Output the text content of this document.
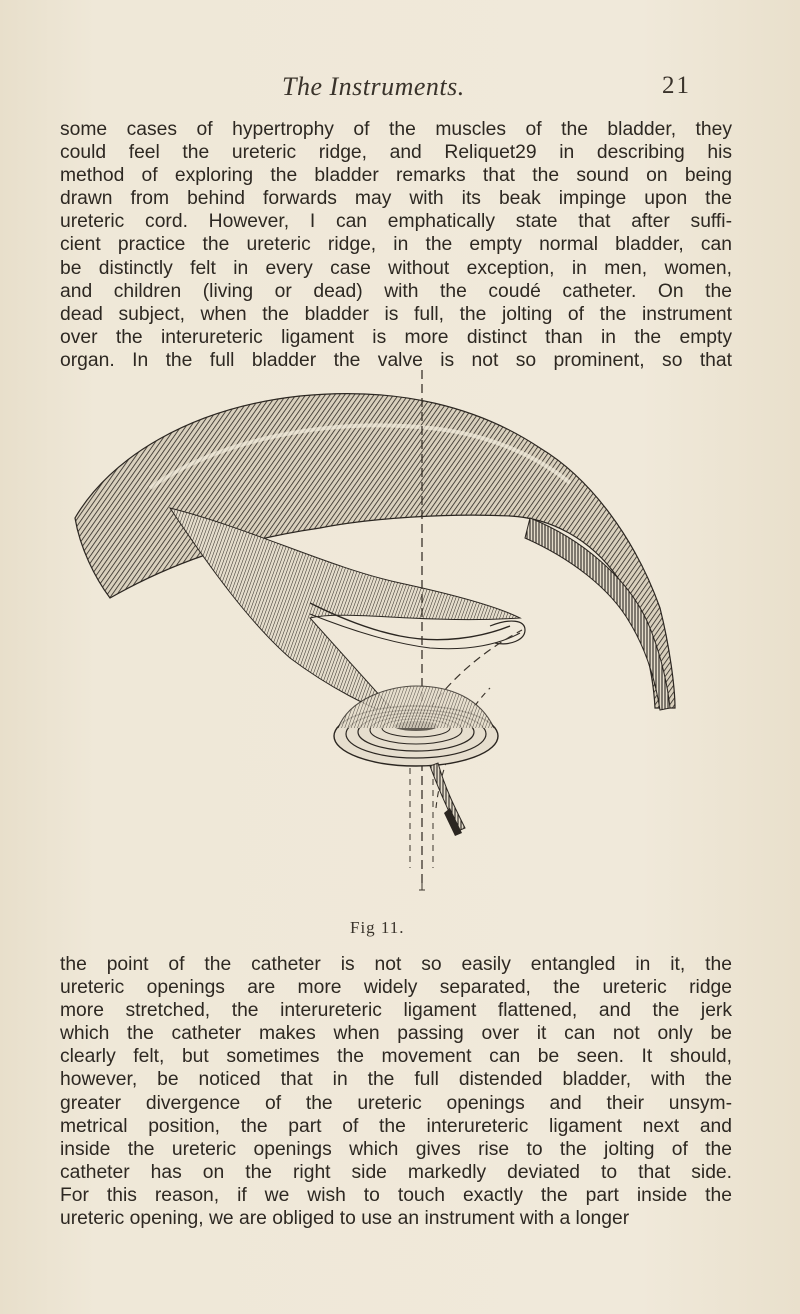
The Instruments.	21
some cases of hypertrophy of the muscles of the bladder, they
could feel the ureteric ridge, and Reliquet29 in describing his
method of exploring the bladder remarks that the sound on being
drawn from behind forwards may with its beak impinge upon the
ureteric cord. However, I can emphatically state that after suffi-
cient practice the ureteric ridge, in the empty normal bladder, can
be distinctly felt in every case without exception, in men, women,
and children (living or dead) with the coudé catheter. On the
dead subject, when the bladder is full, the jolting of the instrument
over the interureteric ligament is more distinct than in the empty
organ. In the full bladder the valve is not so prominent, so that
Fig 11.
the point of the catheter is not so easily entangled in it, the
ureteric openings are more widely separated, the ureteric ridge
more stretched, the interureteric ligament flattened, and the jerk
which the catheter makes when passing over it can not only be
clearly felt, but sometimes the movement can be seen. It should,
however, be noticed that in the full distended bladder, with the
greater divergence of the ureteric openings and their unsym-
metrical position, the part of the interureteric ligament next and
inside the ureteric openings which gives rise to the jolting of the
catheter has on the right side markedly deviated to that side.
For this reason, if we wish to touch exactly the part inside the
ureteric opening, we are obliged to use an instrument with a longer
